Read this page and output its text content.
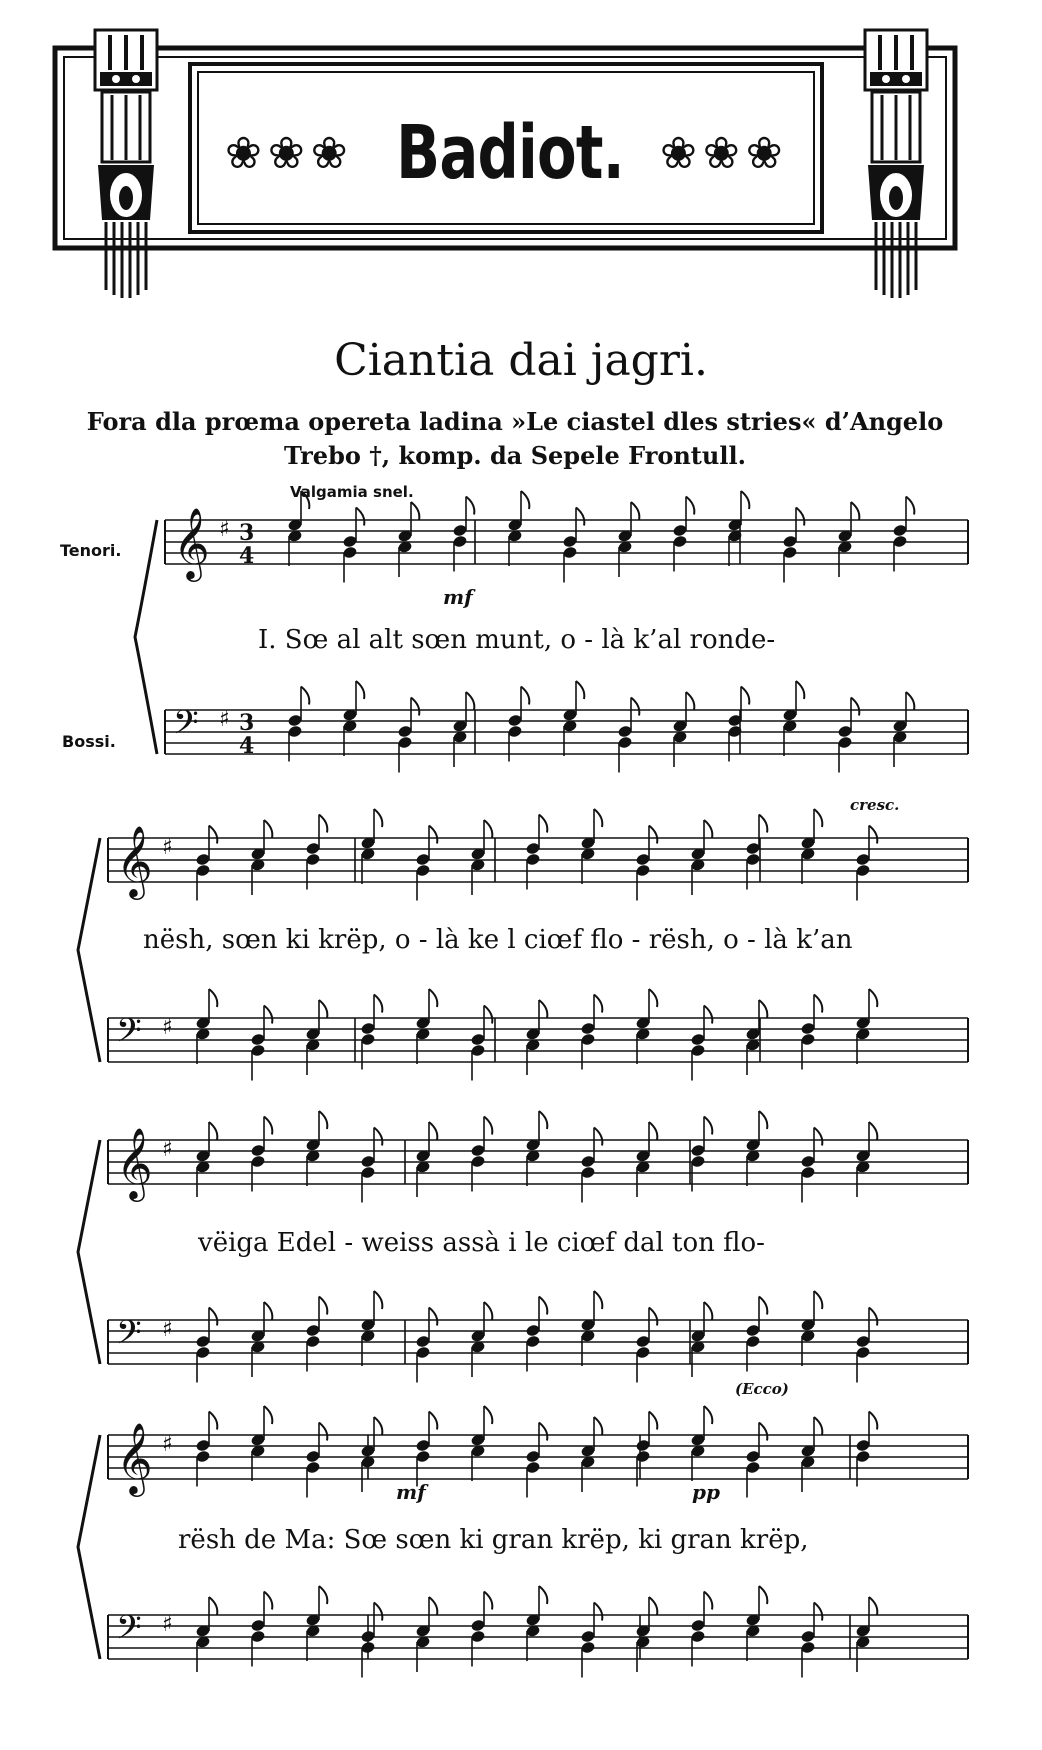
❀❀❀	❀❀❀
Badiot.
Ciantia dai jagri.
Fora dla prœma opereta ladina »Le ciastel dles stries« d’Angelo
Trebo †, komp. da Sepele Frontull.
Valgamia snel.
Tenori.
Bossi.
𝄞 ♯ 3
4
𝄢 ♯ 3
4
𝄞 ♯
𝄢 ♯
𝄞 ♯
𝄢 ♯
𝄞 ♯
𝄢 ♯
I. Sœ al alt sœn munt, o - là k’al ronde-
nësh, sœn ki krëp, o - là ke l ciœf flo - rësh, o - là k’an
vëiga Edel - weiss assà i le ciœf dal ton flo-
rësh de Ma: Sœ sœn ki gran krëp, ki gran krëp,
mf
cresc.
(Ecco)
mf	pp
